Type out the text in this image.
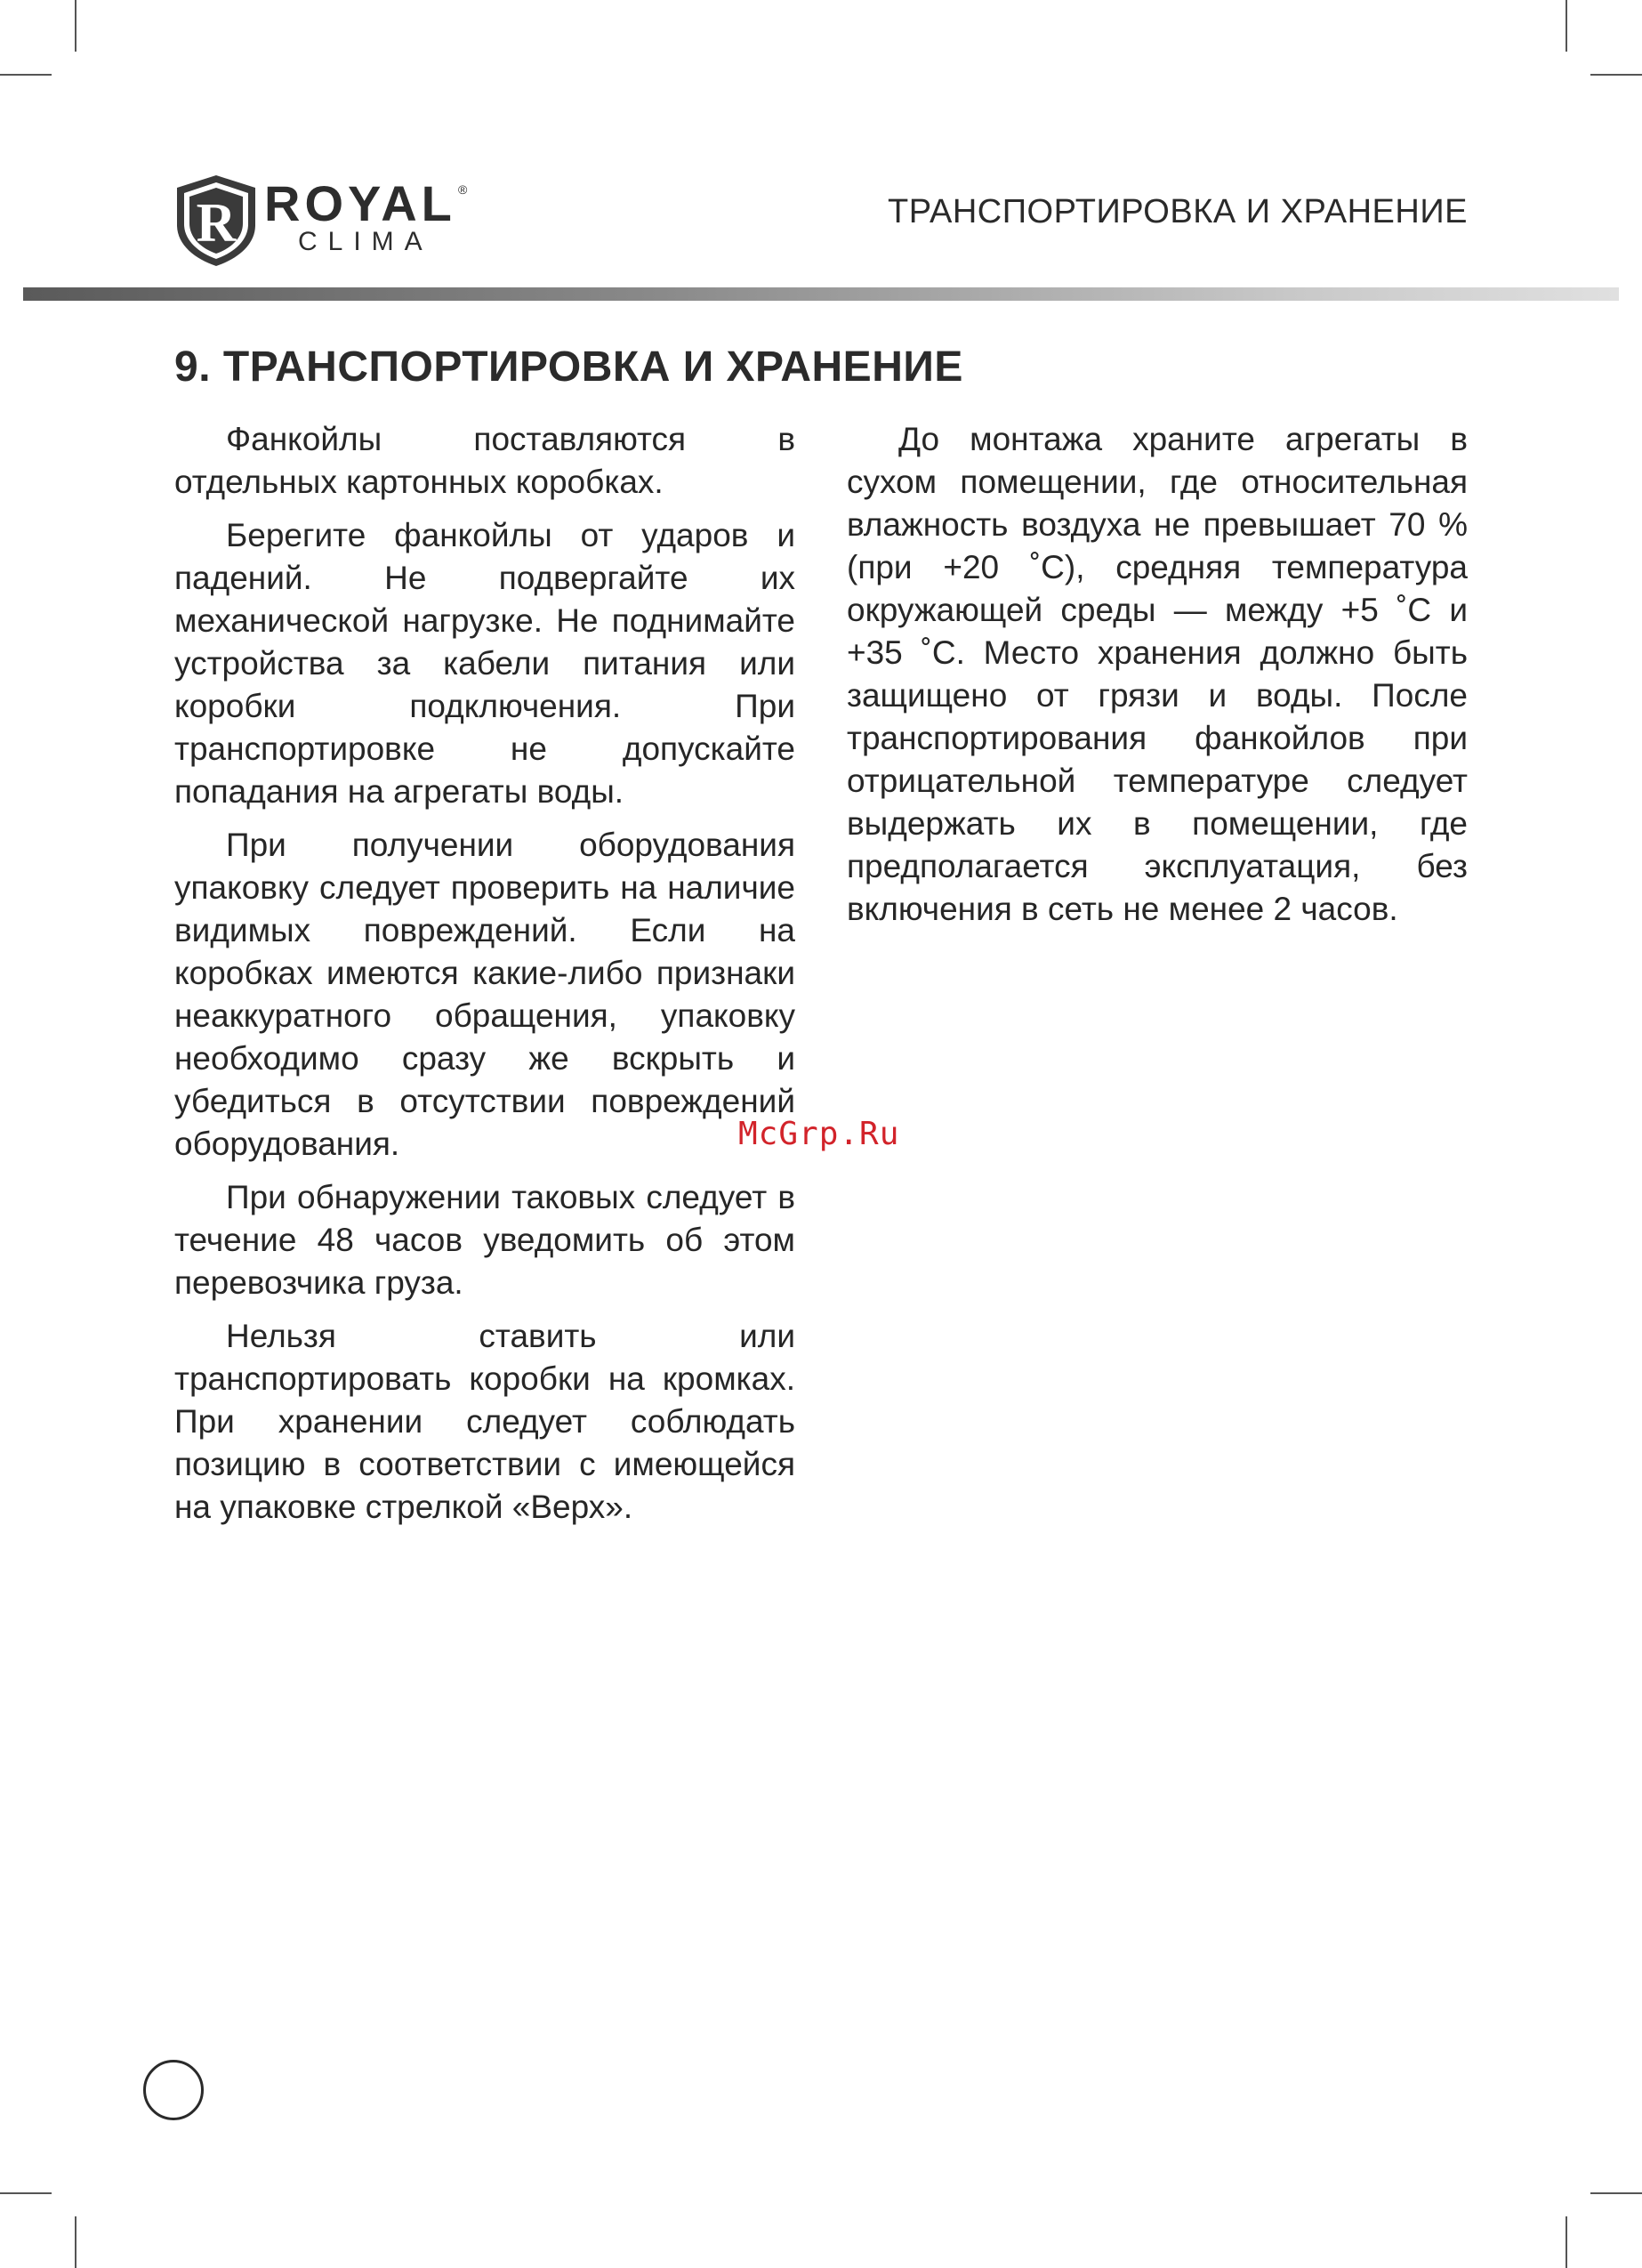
R ROYAL ®
CLIMA
ТРАНСПОРТИРОВКА И ХРАНЕНИЕ
9. ТРАНСПОРТИРОВКА И ХРАНЕНИЕ

Фанкойлы поставляются в отдельных картонных коробках.

Берегите фанкойлы от ударов и падений. Не подвергайте их механической нагрузке. Не поднимайте устройства за кабели питания или коробки подключения. При транспортировке не допускайте попадания на агрегаты воды.

При получении оборудования упаковку следует проверить на наличие видимых повреждений. Если на коробках имеются какие-либо признаки неаккуратного обращения, упаковку необходимо сразу же вскрыть и убедиться в отсутствии повреждений оборудования.

При обнаружении таковых следует в течение 48 часов уведомить об этом перевозчика груза.

Нельзя ставить или транспортировать коробки на кромках. При хранении следует соблюдать позицию в соответствии с имеющейся на упаковке стрелкой «Верх».

До монтажа храните агрегаты в сухом помещении, где относительная влажность воздуха не превышает 70 % (при +20 ˚С), средняя температура окружающей среды — между +5 ˚С и +35 ˚С. Место хранения должно быть защищено от грязи и воды. После транспортирования фанкойлов при отрицательной температуре следует выдержать их в помещении, где предполагается эксплуатация, без включения в сеть не менее 2 часов.

McGrp.Ru
